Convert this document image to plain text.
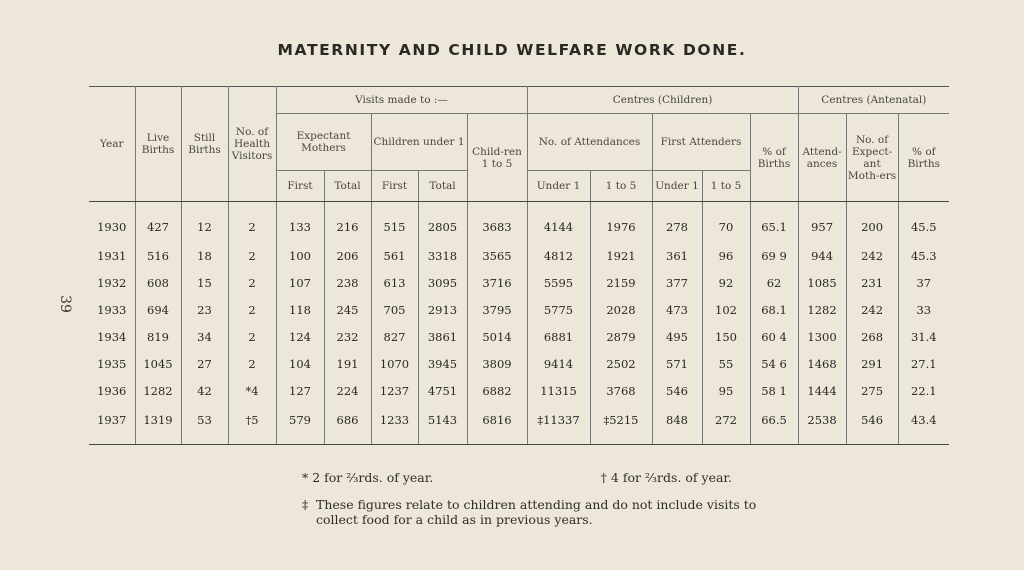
39
MATERNITY AND CHILD WELFARE WORK DONE.
Year	Live Births	Still Births	No. of Health Visitors	Visits made to :—					Centres (Children)					Centres (Antenatal)		
				Expectant Mothers		Children under 1		Child-ren 1 to 5	No. of Attendances		First Attenders		% of Births	Attend-ances	No. of Expect-ant Moth-ers	% of Births
				First	Total	First	Total		Under 1	1 to 5	Under 1	1 to 5				

1930	427	12	2	133	216	515	2805	3683	4144	1976	278	70	65.1	957	200	45.5
1931	516	18	2	100	206	561	3318	3565	4812	1921	361	96	69 9	944	242	45.3
1932	608	15	2	107	238	613	3095	3716	5595	2159	377	92	62	1085	231	37
1933	694	23	2	118	245	705	2913	3795	5775	2028	473	102	68.1	1282	242	33
1934	819	34	2	124	232	827	3861	5014	6881	2879	495	150	60 4	1300	268	31.4
1935	1045	27	2	104	191	1070	3945	3809	9414	2502	571	55	54 6	1468	291	27.1
1936	1282	42	*4	127	224	1237	4751	6882	11315	3768	546	95	58 1	1444	275	22.1
1937	1319	53	†5	579	686	1233	5143	6816	‡11337	‡5215	848	272	66.5	2538	546	43.4
* 2 for ⅔rds. of year.	† 4 for ⅔rds. of year.
‡ These figures relate to children attending and do not include visits to collect food for a child as in previous years.
